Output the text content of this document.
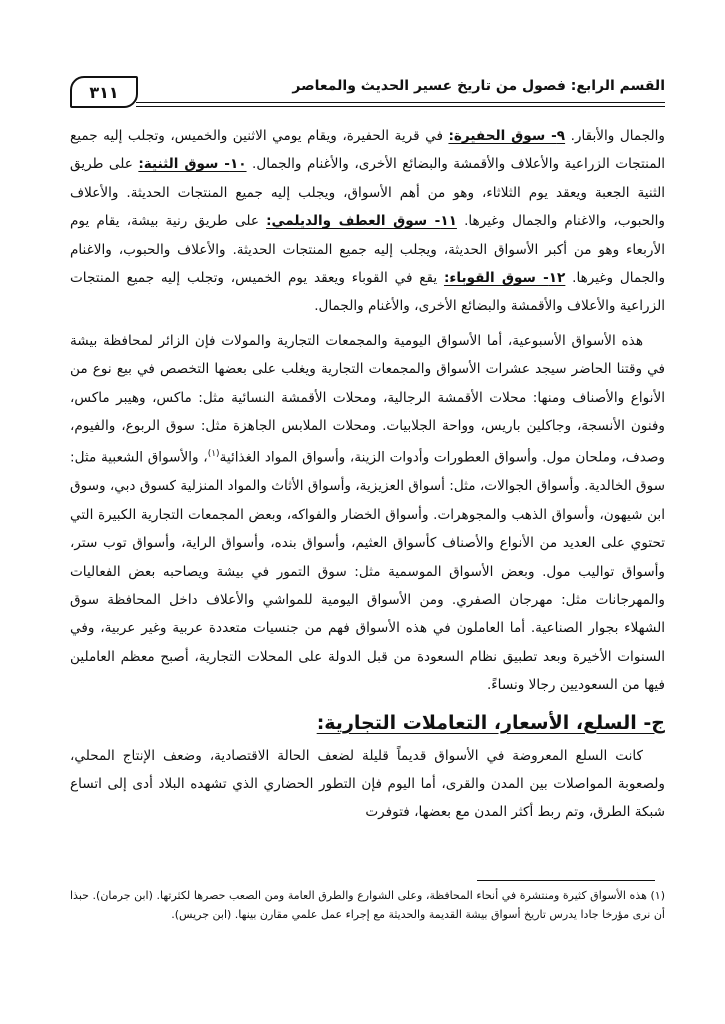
القسم الرابع: فصول من تاريخ عسير الحديث والمعاصر
٣١١

والجمال والأبقار. ٩- سوق الحفيرة: في قرية الحفيرة، ويقام يومي الاثنين والخميس، وتجلب إليه جميع المنتجات الزراعية والأعلاف والأقمشة والبضائع الأخرى، والأغنام والجمال. ١٠- سوق الثنية: على طريق الثنية الجعبة ويعقد يوم الثلاثاء، وهو من أهم الأسواق، ويجلب إليه جميع المنتجات الحديثة. والأعلاف والحبوب، والاغنام والجمال وغيرها. ١١- سوق العطف والديلمي: على طريق رنية بيشة، يقام يوم الأربعاء وهو من أكبر الأسواق الحديثة، ويجلب إليه جميع المنتجات الحديثة. والأعلاف والحبوب، والاغنام والجمال وغيرها. ١٢- سوق القوباء: يقع في القوباء ويعقد يوم الخميس، وتجلب إليه جميع المنتجات الزراعية والأعلاف والأقمشة والبضائع الأخرى، والأغنام والجمال.

هذه الأسواق الأسبوعية، أما الأسواق اليومية والمجمعات التجارية والمولات فإن الزائر لمحافظة بيشة في وقتنا الحاضر سيجد عشرات الأسواق والمجمعات التجارية ويغلب على بعضها التخصص في بيع نوع من الأنواع والأصناف ومنها: محلات الأقمشة الرجالية، ومحلات الأقمشة النسائية مثل: ماكس، وهيبر ماكس، وفنون الأنسجة، وجاكلين باريس، وواحة الجلابيات. ومحلات الملابس الجاهزة مثل: سوق الربوع، والفيوم، وصدف، وملحان مول. وأسواق العطورات وأدوات الزينة، وأسواق المواد الغذائية$^{(١)}$، والأسواق الشعبية مثل: سوق الخالدية. وأسواق الجوالات، مثل: أسواق العزيزية، وأسواق الأثاث والمواد المنزلية كسوق دبي، وسوق ابن شيهون، وأسواق الذهب والمجوهرات. وأسواق الخضار والفواكه، وبعض المجمعات التجارية الكبيرة التي تحتوي على العديد من الأنواع والأصناف كأسواق العثيم، وأسواق بنده، وأسواق الراية، وأسواق توب ستر، وأسواق تواليب مول. وبعض الأسواق الموسمية مثل: سوق التمور في بيشة ويصاحبه بعض الفعاليات والمهرجانات مثل: مهرجان الصفري. ومن الأسواق اليومية للمواشي والأعلاف داخل المحافظة سوق الشهلاء بجوار الصناعية. أما العاملون في هذه الأسواق فهم من جنسيات متعددة عربية وغير عربية، وفي السنوات الأخيرة وبعد تطبيق نظام السعودة من قبل الدولة على المحلات التجارية، أصبح معظم العاملين فيها من السعوديين رجالا ونساءً.

ج- السلع، الأسعار، التعاملات التجارية:

كانت السلع المعروضة في الأسواق قديماً قليلة لضعف الحالة الاقتصادية، وضعف الإنتاج المحلي، ولصعوبة المواصلات بين المدن والقرى، أما اليوم فإن التطور الحضاري الذي تشهده البلاد أدى إلى اتساع شبكة الطرق، وتم ربط أكثر المدن مع بعضها، فتوفرت

(١) هذه الأسواق كثيرة ومنتشرة في أنحاء المحافظة، وعلى الشوارع والطرق العامة ومن الصعب حصرها لكثرتها. (ابن جرمان). حبذا أن نرى مؤرخا جادا يدرس تاريخ أسواق بيشة القديمة والحديثة مع إجراء عمل علمي مقارن بينها. (ابن جريس).
